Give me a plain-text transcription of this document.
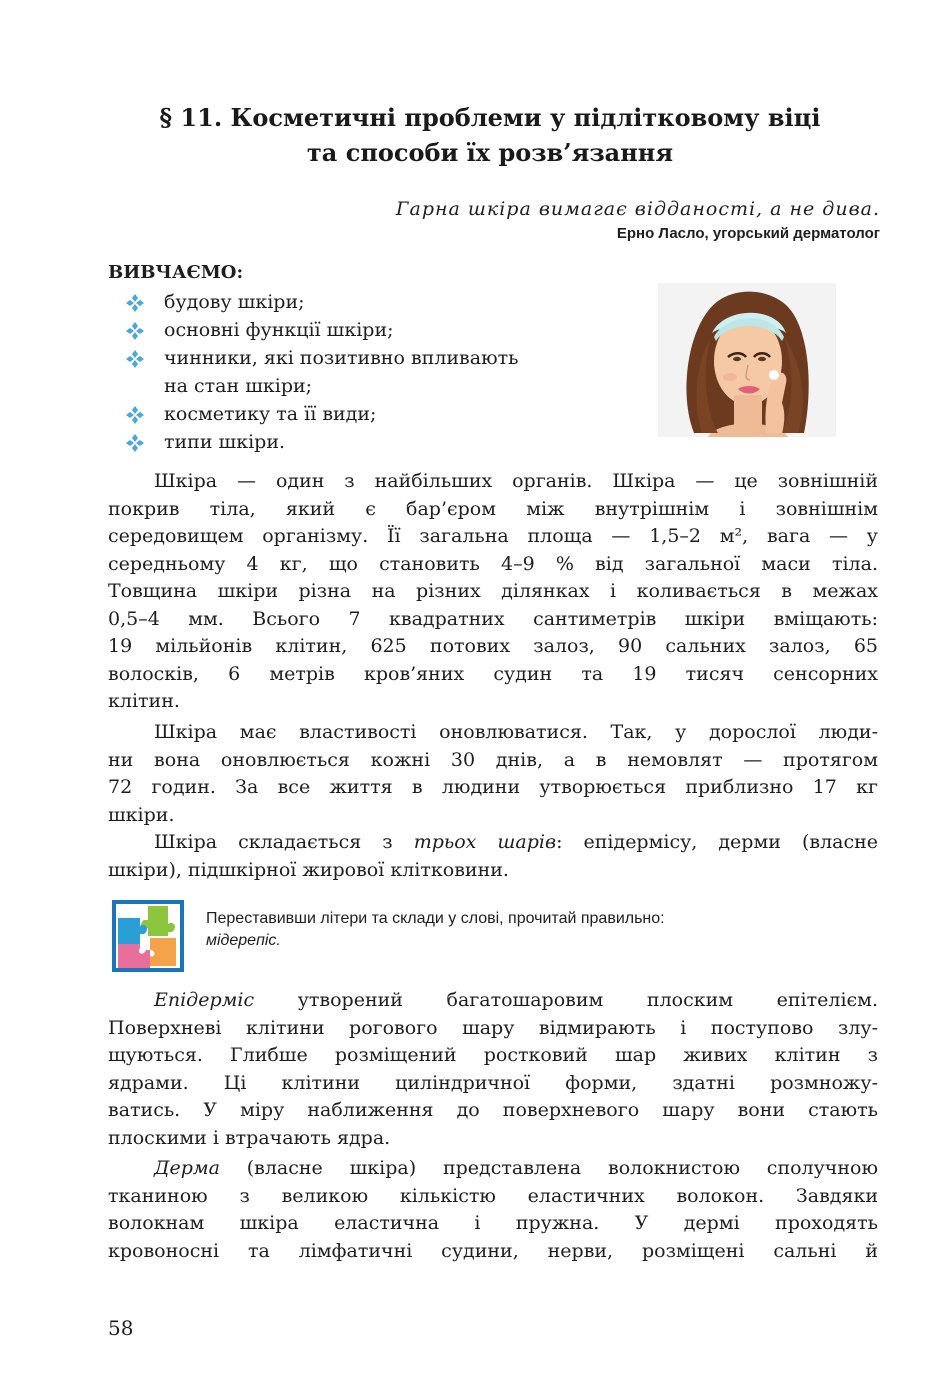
§ 11. Косметичні проблеми у підлітковому віці
та способи їх розв’язання
Гарна шкіра вимагає відданості, а не дива.
Ерно Ласло, угорський дерматолог
ВИВЧАЄМО:
будову шкіри;
основні функції шкіри;
чинники, які позитивно впливають
на стан шкіри;
косметику та її види;
типи шкіри.
Шкіра — один з найбільших органів. Шкіра — це зовнішній
покрив тіла, який є бар’єром між внутрішнім і зовнішнім
середовищем організму. Її загальна площа — 1,5–2 м², вага — у
середньому 4 кг, що становить 4–9 % від загальної маси тіла.
Товщина шкіри різна на різних ділянках і коливається в межах
0,5–4 мм. Всього 7 квадратних сантиметрів шкіри вміщають:
19 мільйонів клітин, 625 потових залоз, 90 сальних залоз, 65
волосків, 6 метрів кров’яних судин та 19 тисяч сенсорних
клітин.
Шкіра має властивості оновлюватися. Так, у дорослої люди-
ни вона оновлюється кожні 30 днів, а в немовлят — протягом
72 годин. За все життя в людини утворюється приблизно 17 кг
шкіри.
Шкіра складається з трьох шарів: епідермісу, дерми (власне
шкіри), підшкірної жирової клітковини.
Переставивши літери та склади у слові, прочитай правильно:
мідерепіс.
Епідерміс утворений багатошаровим плоским епітелієм.
Поверхневі клітини рогового шару відмирають і поступово злу-
щуються. Глибше розміщений ростковий шар живих клітин з
ядрами. Ці клітини циліндричної форми, здатні розмножу-
ватись. У міру наближення до поверхневого шару вони стають
плоскими і втрачають ядра.
Дерма (власне шкіра) представлена волокнистою сполучною
тканиною з великою кількістю еластичних волокон. Завдяки
волокнам шкіра еластична і пружна. У дермі проходять
кровоносні та лімфатичні судини, нерви, розміщені сальні й
58
